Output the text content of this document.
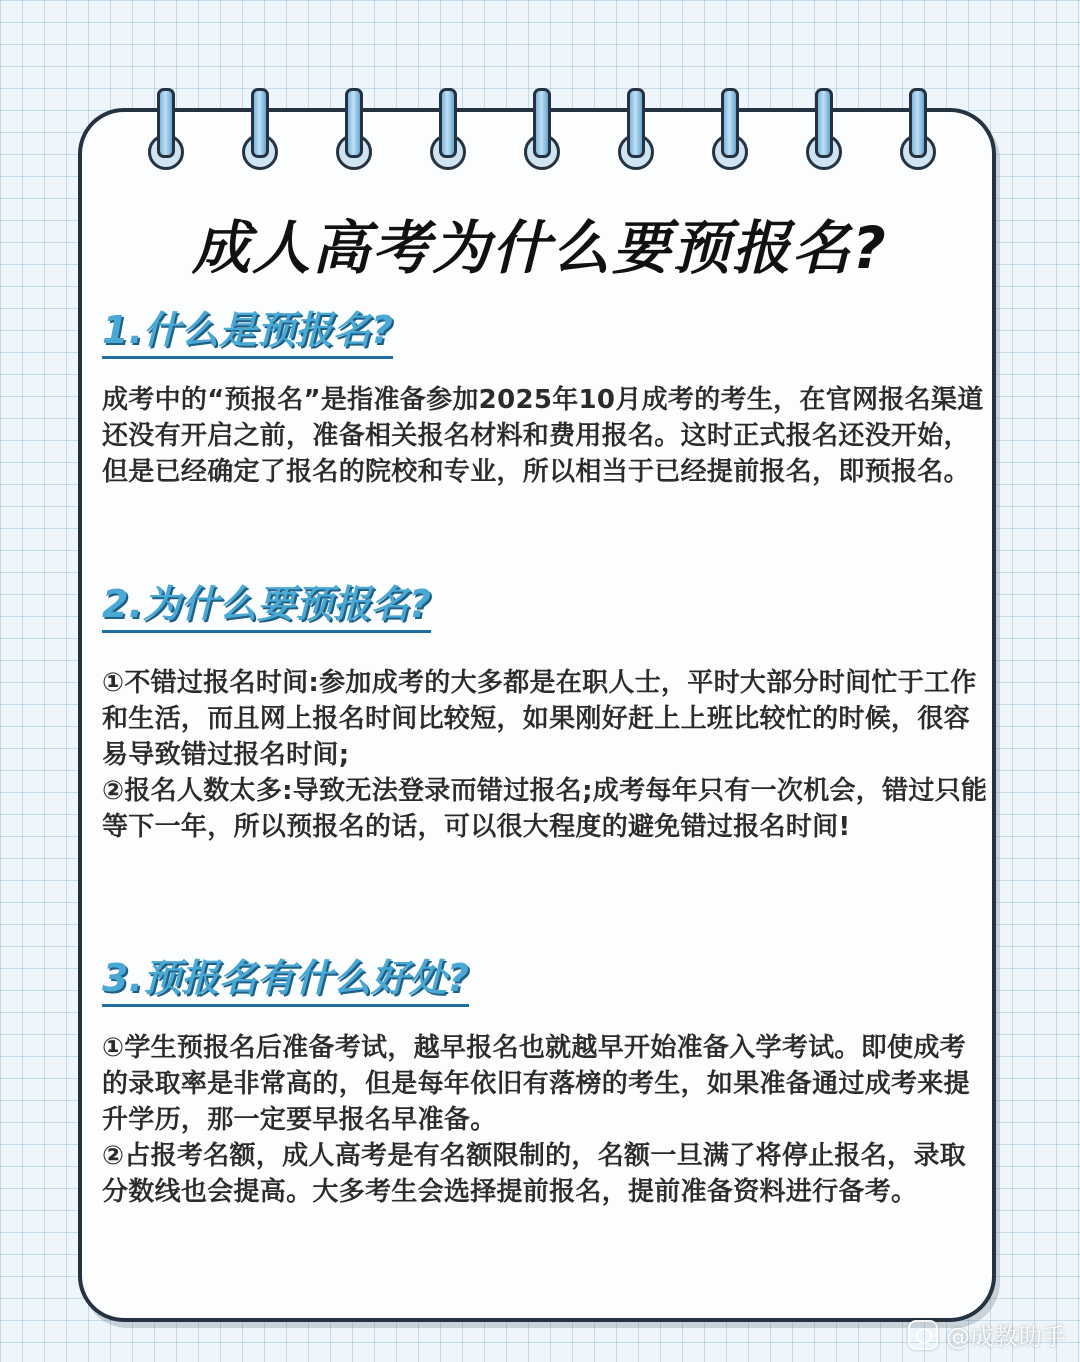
成人高考为什么要预报名?
1.什么是预报名?

成考中的“预报名”是指准备参加2025年10月成考的考生，在官网报名渠道还没有开启之前，准备相关报名材料和费用报名。这时正式报名还没开始，但是已经确定了报名的院校和专业，所以相当于已经提前报名，即预报名。

2.为什么要预报名?

①不错过报名时间:参加成考的大多都是在职人士，平时大部分时间忙于工作和生活，而且网上报名时间比较短，如果刚好赶上上班比较忙的时候，很容易导致错过报名时间;

②报名人数太多:导致无法登录而错过报名;成考每年只有一次机会，错过只能等下一年，所以预报名的话，可以很大程度的避免错过报名时间!

3.预报名有什么好处?

①学生预报名后准备考试，越早报名也就越早开始准备入学考试。即使成考的录取率是非常高的，但是每年依旧有落榜的考生，如果准备通过成考来提升学历，那一定要早报名早准备。

②占报考名额，成人高考是有名额限制的，名额一旦满了将停止报名，录取分数线也会提高。大多考生会选择提前报名，提前准备资料进行备考。

@成教助手
